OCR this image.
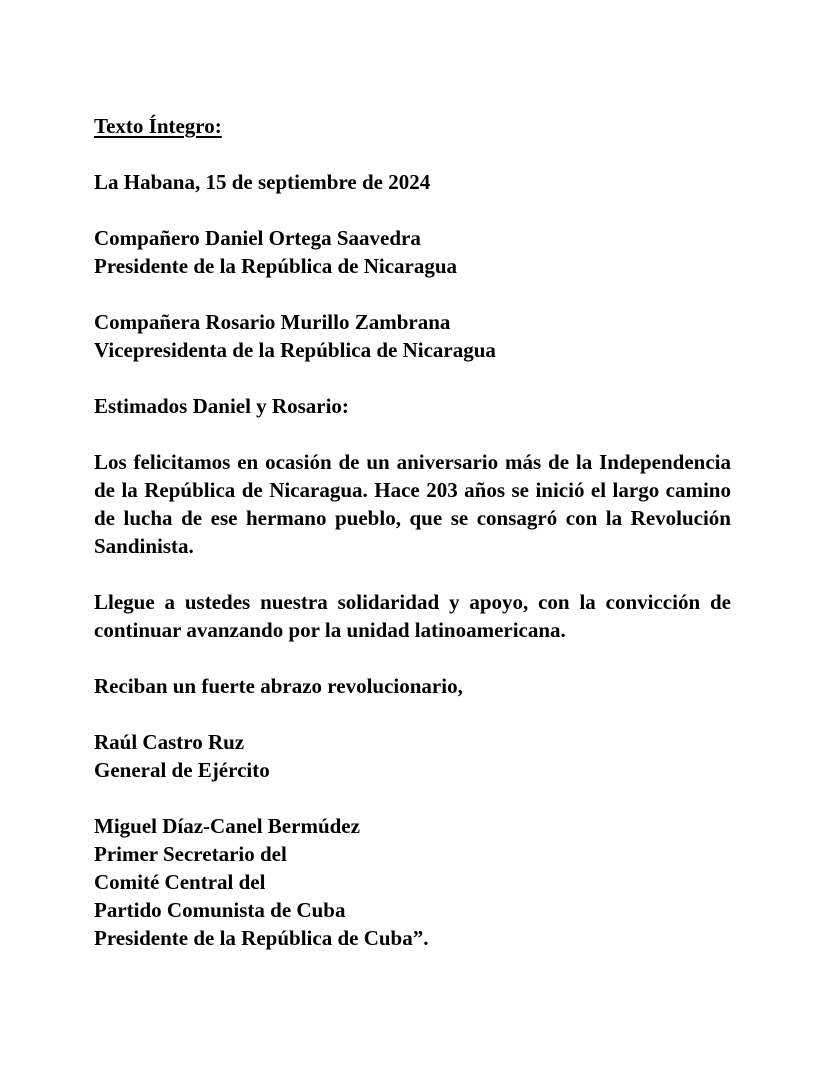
Texto Íntegro:
La Habana, 15 de septiembre de 2024
Compañero Daniel Ortega Saavedra
Presidente de la República de Nicaragua
Compañera Rosario Murillo Zambrana
Vicepresidenta de la República de Nicaragua
Estimados Daniel y Rosario:
Los felicitamos en ocasión de un aniversario más de la Independencia de la República de Nicaragua. Hace 203 años se inició el largo camino de lucha de ese hermano pueblo, que se consagró con la Revolución Sandinista.
Llegue a ustedes nuestra solidaridad y apoyo, con la convicción de continuar avanzando por la unidad latinoamericana.
Reciban un fuerte abrazo revolucionario,
Raúl Castro Ruz
General de Ejército
Miguel Díaz-Canel Bermúdez
Primer Secretario del
Comité Central del
Partido Comunista de Cuba
Presidente de la República de Cuba”.
